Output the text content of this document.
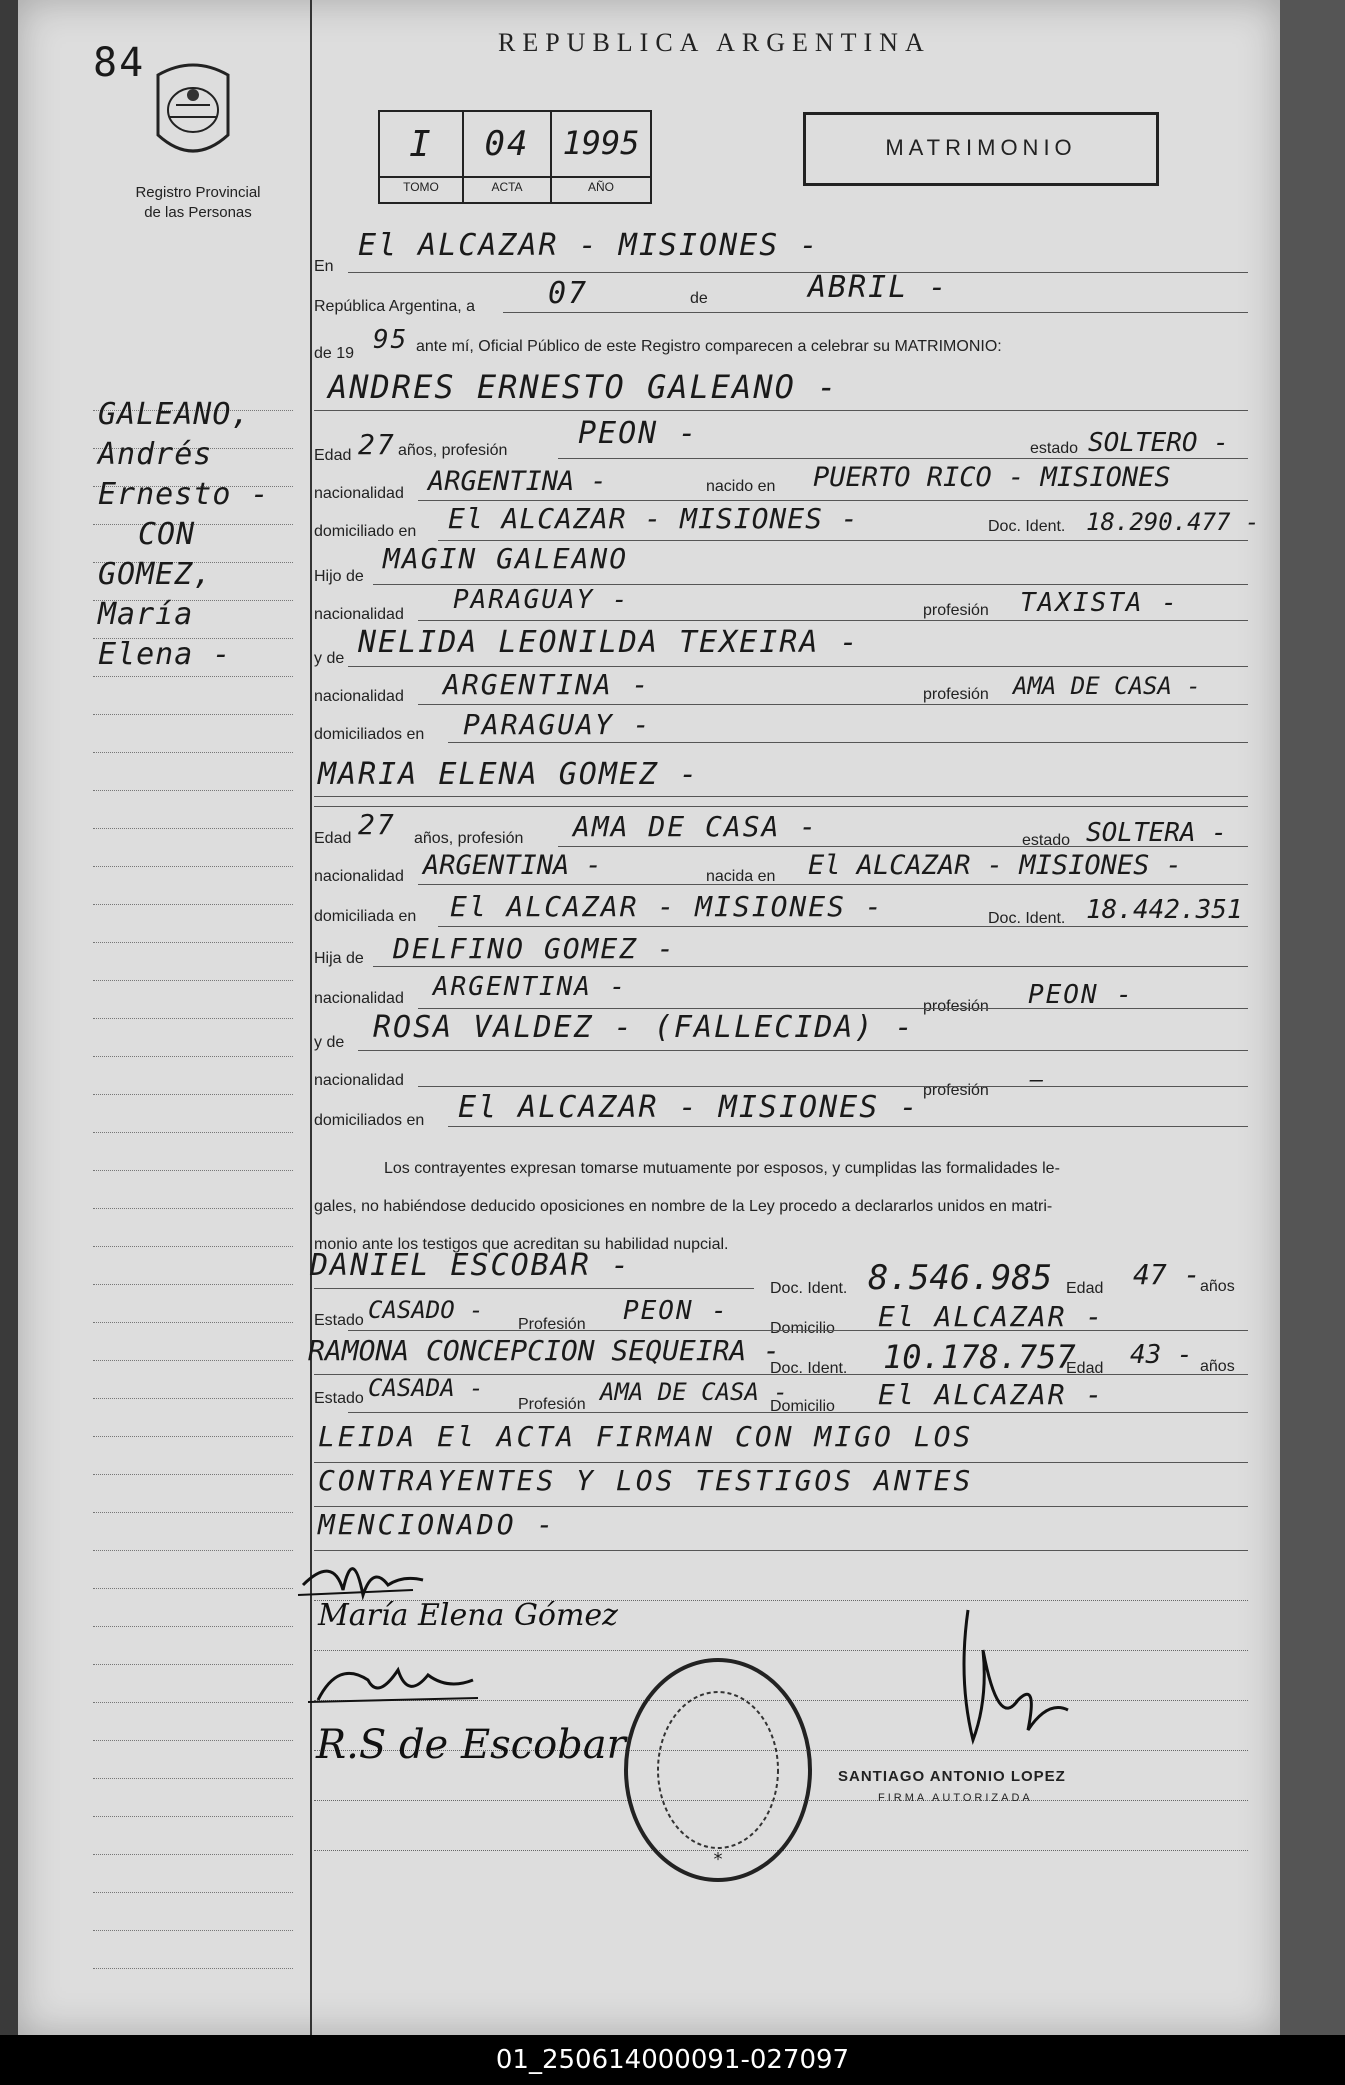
84
Registro Provincial
de las Personas
REPUBLICA ARGENTINA
I	04	1995
TOMO	ACTA	AÑO
MATRIMONIO
En
El ALCAZAR - MISIONES -
República Argentina, a 07	de	ABRIL -
de 19 95 ante mí, Oficial Público de este Registro comparecen a celebrar su MATRIMONIO:
GALEANO,
Andrés
Ernesto -
CON
GOMEZ,
María
Elena -
ANDRES ERNESTO GALEANO -
Edad 27 años, profesión PEON -	estado SOLTERO -
nacionalidad ARGENTINA -	nacido en PUERTO RICO - MISIONES
domiciliado en El ALCAZAR - MISIONES -	Doc. Ident. 18.290.477 -
Hijo de
MAGIN GALEANO
nacionalidad PARAGUAY -	profesión TAXISTA -
y de NELIDA LEONILDA TEXEIRA -
nacionalidad ARGENTINA -	profesión AMA DE CASA -
domiciliados en PARAGUAY -
MARIA ELENA GOMEZ -
Edad 27 años, profesión AMA DE CASA -	estado SOLTERA -
nacionalidad ARGENTINA -	nacida en El ALCAZAR - MISIONES -
domiciliada en El ALCAZAR - MISIONES -	Doc. Ident. 18.442.351
Hija de DELFINO GOMEZ -
nacionalidad ARGENTINA -
profesión PEON -
y de ROSA VALDEZ - (FALLECIDA) -
nacionalidad
profesión —
domiciliados en El ALCAZAR - MISIONES -
Los contrayentes expresan tomarse mutuamente por esposos, y cumplidas las formalidades le-
gales, no habiéndose deducido oposiciones en nombre de la Ley procedo a declararlos unidos en matri-
monio ante los testigos que acreditan su habilidad nupcial.
DANIEL ESCOBAR -
Doc. Ident. 8.546.985 Edad 47 - años
Estado CASADO -
Profesión PEON -
Domicilio El ALCAZAR -
RAMONA CONCEPCION SEQUEIRA -
Doc. Ident. 10.178.757
Edad 43 - años
Estado CASADA -
Profesión AMA DE CASA -
Domicilio El ALCAZAR -
LEIDA El ACTA FIRMAN CON MIGO LOS
CONTRAYENTES Y LOS TESTIGOS ANTES
MENCIONADO -
María Elena Gómez
R.S de Escobar
*
SANTIAGO ANTONIO LOPEZ
FIRMA AUTORIZADA
01_250614000091-027097
